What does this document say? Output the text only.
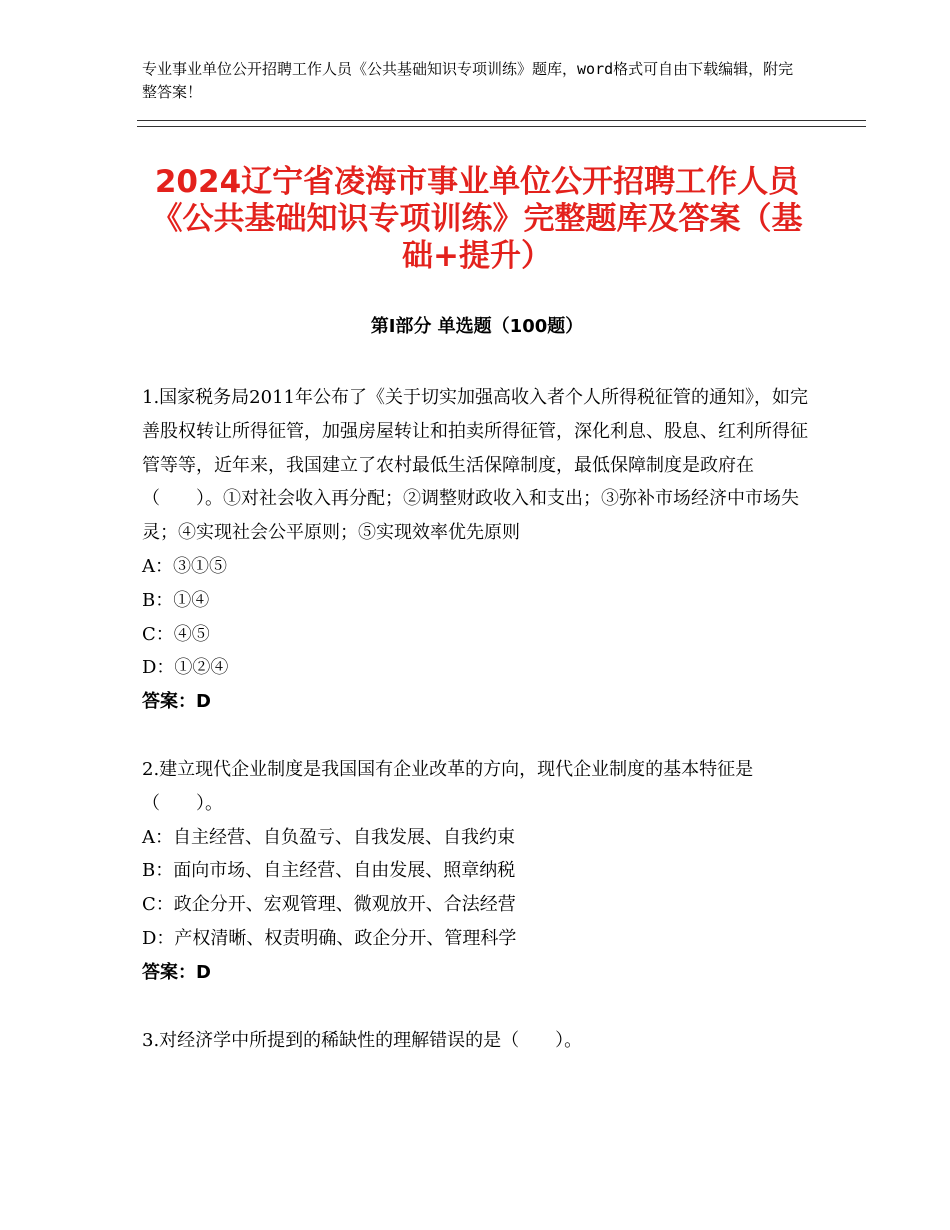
专业事业单位公开招聘工作人员《公共基础知识专项训练》题库，word格式可自由下载编辑，附完整答案！
2024辽宁省凌海市事业单位公开招聘工作人员《公共基础知识专项训练》完整题库及答案（基础+提升）
第Ⅰ部分 单选题（100题）
1.国家税务局2011年公布了《关于切实加强高收入者个人所得税征管的通知》，如完善股权转让所得征管，加强房屋转让和拍卖所得征管，深化利息、股息、红利所得征管等等，近年来，我国建立了农村最低生活保障制度，最低保障制度是政府在（　　）。①对社会收入再分配；②调整财政收入和支出；③弥补市场经济中市场失灵；④实现社会公平原则；⑤实现效率优先原则
A：③①⑤
B：①④
C：④⑤
D：①②④
答案：D
2.建立现代企业制度是我国国有企业改革的方向，现代企业制度的基本特征是（　　）。
A：自主经营、自负盈亏、自我发展、自我约束
B：面向市场、自主经营、自由发展、照章纳税
C：政企分开、宏观管理、微观放开、合法经营
D：产权清晰、权责明确、政企分开、管理科学
答案：D
3.对经济学中所提到的稀缺性的理解错误的是（　　）。
